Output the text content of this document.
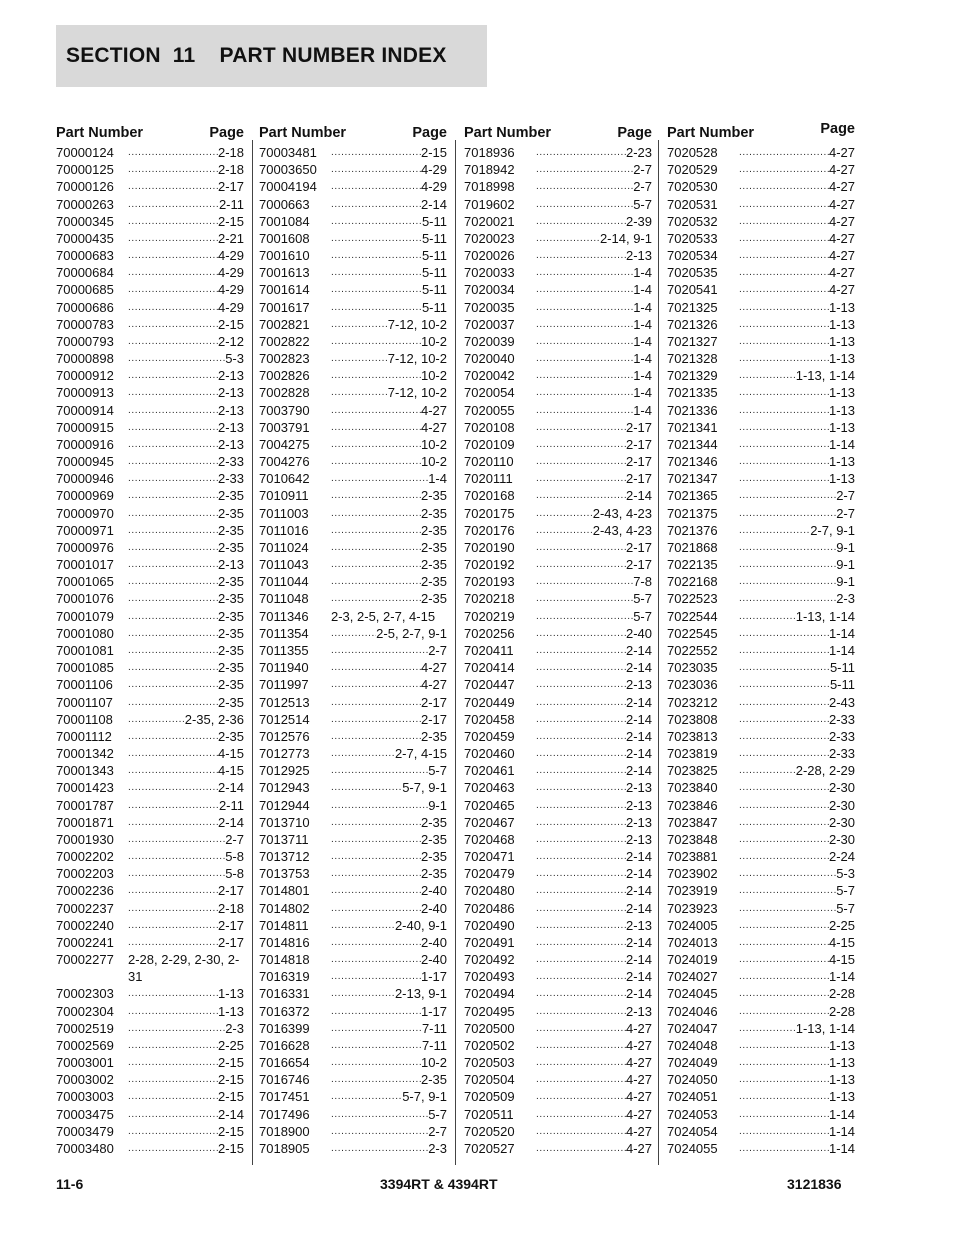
SECTION  11    PART NUMBER INDEX
Part Number	Page
70000124 .....	2-18
70000125 .....	2-18
70000126 .....	2-17
70000263 .....	2-11
70000345 .....	2-15
70000435 .....	2-21
70000683 .....	4-29
70000684 .....	4-29
70000685 .....	4-29
70000686 .....	4-29
70000783 .....	2-15
70000793 .....	2-12
70000898 .....	5-3
70000912 .....	2-13
70000913 .....	2-13
70000914 .....	2-13
70000915 .....	2-13
70000916 .....	2-13
70000945 .....	2-33
70000946 .....	2-33
70000969 .....	2-35
70000970 .....	2-35
70000971 .....	2-35
70000976 .....	2-35
70001017 .....	2-13
70001065 .....	2-35
70001076 .....	2-35
70001079 .....	2-35
70001080 .....	2-35
70001081 .....	2-35
70001085 .....	2-35
70001106 .....	2-35
70001107 .....	2-35
70001108 .....	2-35, 2-36
70001112 .....	2-35
70001342 .....	4-15
70001343 .....	4-15
70001423 .....	2-14
70001787 .....	2-11
70001871 .....	2-14
70001930 .....	2-7
70002202 .....	5-8
70002203 .....	5-8
70002236 .....	2-17
70002237 .....	2-18
70002240 .....	2-17
70002241 .....	2-17
70002277	2-28, 2-29, 2-30, 2-31
70002303 .....	1-13
70002304 .....	1-13
70002519 .....	2-3
70002569 .....	2-25
70003001 .....	2-15
70003002 .....	2-15
70003003 .....	2-15
70003475 .....	2-14
70003479 .....	2-15
70003480 .....	2-15
Part Number	Page
70003481 .....	2-15
70003650 .....	4-29
70004194 .....	4-29
7000663 .....	2-14
7001084 .....	5-11
7001608 .....	5-11
7001610 .....	5-11
7001613 .....	5-11
7001614 .....	5-11
7001617 .....	5-11
7002821 .....	7-12, 10-2
7002822 .....	10-2
7002823 .....	7-12, 10-2
7002826 .....	10-2
7002828 .....	7-12, 10-2
7003790 .....	4-27
7003791 .....	4-27
7004275 .....	10-2
7004276 .....	10-2
7010642 .....	1-4
7010911 .....	2-35
7011003 .....	2-35
7011016 .....	2-35
7011024 .....	2-35
7011043 .....	2-35
7011044 .....	2-35
7011048 .....	2-35
7011346	2-3, 2-5, 2-7, 4-15
7011354 .....	2-5, 2-7, 9-1
7011355 .....	2-7
7011940 .....	4-27
7011997 .....	4-27
7012513 .....	2-17
7012514 .....	2-17
7012576 .....	2-35
7012773 .....	2-7, 4-15
7012925 .....	5-7
7012943 .....	5-7, 9-1
7012944 .....	9-1
7013710 .....	2-35
7013711 .....	2-35
7013712 .....	2-35
7013753 .....	2-35
7014801 .....	2-40
7014802 .....	2-40
7014811 .....	2-40, 9-1
7014816 .....	2-40
7014818 .....	2-40
7016319 .....	1-17
7016331 .....	2-13, 9-1
7016372 .....	1-17
7016399 .....	7-11
7016628 .....	7-11
7016654 .....	10-2
7016746 .....	2-35
7017451 .....	5-7, 9-1
7017496 .....	5-7
7018900 .....	2-7
7018905 .....	2-3
Part Number	Page
7018936 .....	2-23
7018942 .....	2-7
7018998 .....	2-7
7019602 .....	5-7
7020021 .....	2-39
7020023 .....	2-14, 9-1
7020026 .....	2-13
7020033 .....	1-4
7020034 .....	1-4
7020035 .....	1-4
7020037 .....	1-4
7020039 .....	1-4
7020040 .....	1-4
7020042 .....	1-4
7020054 .....	1-4
7020055 .....	1-4
7020108 .....	2-17
7020109 .....	2-17
7020110 .....	2-17
7020111 .....	2-17
7020168 .....	2-14
7020175 .....	2-43, 4-23
7020176 .....	2-43, 4-23
7020190 .....	2-17
7020192 .....	2-17
7020193 .....	7-8
7020218 .....	5-7
7020219 .....	5-7
7020256 .....	2-40
7020411 .....	2-14
7020414 .....	2-14
7020447 .....	2-13
7020449 .....	2-14
7020458 .....	2-14
7020459 .....	2-14
7020460 .....	2-14
7020461 .....	2-14
7020463 .....	2-13
7020465 .....	2-13
7020467 .....	2-13
7020468 .....	2-13
7020471 .....	2-14
7020479 .....	2-14
7020480 .....	2-14
7020486 .....	2-14
7020490 .....	2-13
7020491 .....	2-14
7020492 .....	2-14
7020493 .....	2-14
7020494 .....	2-14
7020495 .....	2-13
7020500 .....	4-27
7020502 .....	4-27
7020503 .....	4-27
7020504 .....	4-27
7020509 .....	4-27
7020511 .....	4-27
7020520 .....	4-27
7020527 .....	4-27
Part Number	Page
7020528 .....	4-27
7020529 .....	4-27
7020530 .....	4-27
7020531 .....	4-27
7020532 .....	4-27
7020533 .....	4-27
7020534 .....	4-27
7020535 .....	4-27
7020541 .....	4-27
7021325 .....	1-13
7021326 .....	1-13
7021327 .....	1-13
7021328 .....	1-13
7021329 .....	1-13, 1-14
7021335 .....	1-13
7021336 .....	1-13
7021341 .....	1-13
7021344 .....	1-14
7021346 .....	1-13
7021347 .....	1-13
7021365 .....	2-7
7021375 .....	2-7
7021376 .....	2-7, 9-1
7021868 .....	9-1
7022135 .....	9-1
7022168 .....	9-1
7022523 .....	2-3
7022544 .....	1-13, 1-14
7022545 .....	1-14
7022552 .....	1-14
7023035 .....	5-11
7023036 .....	5-11
7023212 .....	2-43
7023808 .....	2-33
7023813 .....	2-33
7023819 .....	2-33
7023825 .....	2-28, 2-29
7023840 .....	2-30
7023846 .....	2-30
7023847 .....	2-30
7023848 .....	2-30
7023881 .....	2-24
7023902 .....	5-3
7023919 .....	5-7
7023923 .....	5-7
7024005 .....	2-25
7024013 .....	4-15
7024019 .....	4-15
7024027 .....	1-14
7024045 .....	2-28
7024046 .....	2-28
7024047 .....	1-13, 1-14
7024048 .....	1-13
7024049 .....	1-13
7024050 .....	1-13
7024051 .....	1-13
7024053 .....	1-14
7024054 .....	1-14
7024055 .....	1-14
11-6	3394RT & 4394RT	3121836
